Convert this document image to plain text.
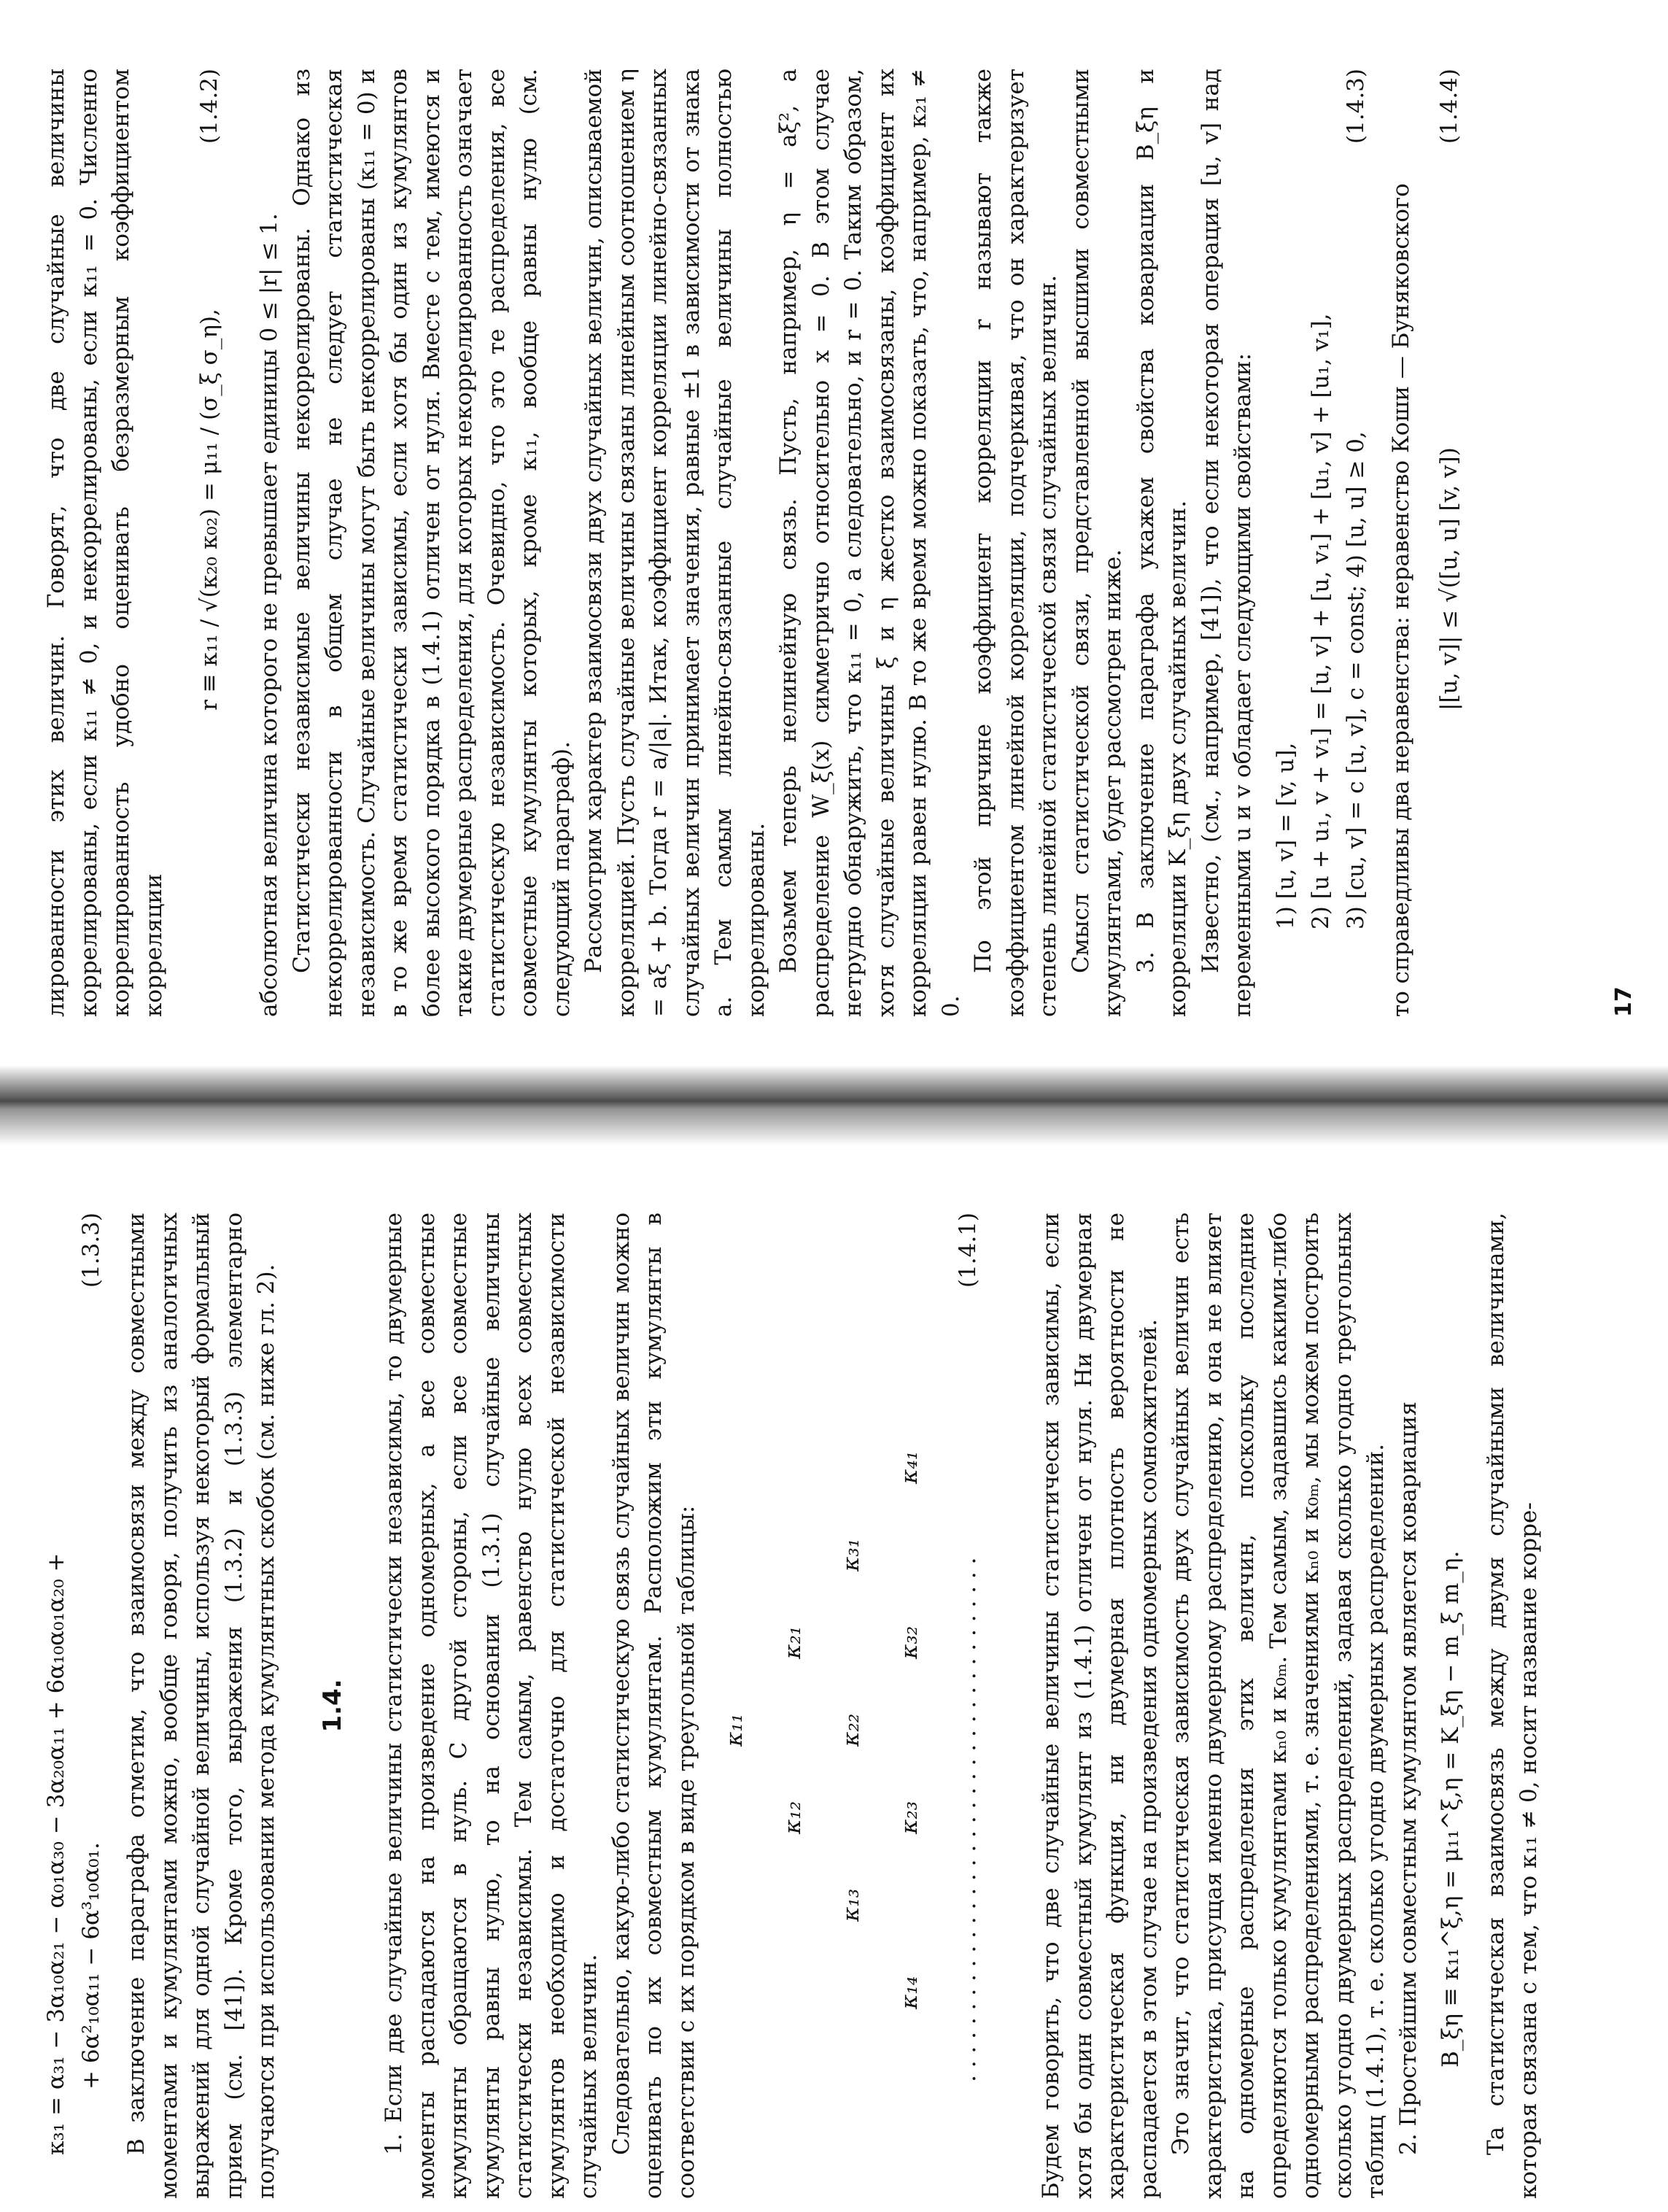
κ₃₁ = α₃₁ − 3α₁₀α₂₁ − α₀₁α₃₀ − 3α₂₀α₁₁ + 6α₁₀α₀₁α₂₀ + + 6α²₁₀α₁₁ − 6α³₁₀α₀₁.
(1.3.3) В заключение параграфа отметим, что взаимосвязи между совместными моментами и кумулянтами можно, вообще говоря, получить из аналогичных выражений для одной случайной величины, используя некоторый формальный прием (см. [41]). Кроме того, выражения (1.3.2) и (1.3.3) элементарно получаются при использовании метода кумулянтных скобок (см. ниже гл. 2). 1.4. 1. Если две случайные величины статистически независимы, то двумерные моменты распадаются на произведение одномерных, а все совместные кумулянты обращаются в нуль. С другой стороны, если все совместные кумулянты равны нулю, то на основании (1.3.1) случайные величины статистически независимы. Тем самым, равенство нулю всех совместных кумулянтов необходимо и достаточно для статистической независимости случайных величин. Следовательно, какую-либо статистическую связь случайных величин можно оценивать по их совместным кумулянтам. Расположим эти кумулянты в соответствии с их порядком в виде треугольной таблицы: κ₁₁
κ₁₂
κ₂₁
κ₁₃
κ₂₂
κ₃₁
κ₁₄
κ₂₃
κ₃₂
κ₄₁
. . . . . . . . . . . . . . . . . . . . . . . . . . . . . . . . . . . . .
(1.4.1)	Будем говорить, что две случайные величины статистически зависимы, если хотя бы один совместный кумулянт из (1.4.1) отличен от нуля. Ни двумерная характеристическая функция, ни двумерная плотность вероятности не распадается в этом случае на произведения одномерных сомножителей. Это значит, что статистическая зависимость двух случайных величин есть характеристика, присущая именно двумерному распределению, и она не влияет на одномерные распределения этих величин, поскольку последние определяются только кумулянтами κₙ₀ и κ₀ₘ. Тем самым, задавшись какими-либо одномерными распределениями, т. е. значениями κₙ₀ и κ₀ₘ, мы можем построить сколько угодно двумерных распределений, задавая сколько угодно треугольных таблиц (1.4.1), т. е. сколько угодно двумерных распределений. 2. Простейшим совместным кумулянтом является ковариация B_ξη ≡ κ₁₁^ξ,η = μ₁₁^ξ,η = K_ξη − m_ξ m_η. Та статистическая взаимосвязь между двумя случайными величинами, которая связана с тем, что κ₁₁ ≠ 0, носит название корре-

лированности этих величин. Говорят, что две случайные величины коррелированы, если κ₁₁ ≠ 0, и некоррелированы, если κ₁₁ = 0. Численно коррелированность удобно оценивать безразмерным коэффициентом корреляции

r ≡ κ₁₁ / √(κ₂₀ κ₀₂) = μ₁₁ / (σ_ξ σ_η),
(1.4.2)

абсолютная величина которого не превышает единицы 0 ≤ |r| ≤ 1. Статистически независимые величины некоррелированы. Однако из некоррелированности в общем случае не следует статистическая независимость. Случайные величины могут быть некоррелированы (κ₁₁ = 0) и в то же время статистически зависимы, если хотя бы один из кумулянтов более высокого порядка в (1.4.1) отличен от нуля. Вместе с тем, имеются и такие двумерные распределения, для которых некоррелированность означает статистическую независимость. Очевидно, что это те распределения, все совместные кумулянты которых, кроме κ₁₁, вообще равны нулю (см. следующий параграф). Рассмотрим характер взаимосвязи двух случайных величин, описываемой корреляцией. Пусть случайные величины связаны линейным соотношением η = aξ + b. Тогда r = a/|a|. Итак, коэффициент корреляции линейно-связанных случайных величин принимает значения, равные ±1 в зависимости от знака a. Тем самым линейно-связанные случайные величины полностью коррелированы. Возьмем теперь нелинейную связь. Пусть, например, η = aξ², а распределение W_ξ(x) симметрично относительно x = 0. В этом случае нетрудно обнаружить, что κ₁₁ = 0, а следовательно, и r = 0. Таким образом, хотя случайные величины ξ и η жестко взаимосвязаны, коэффициент их корреляции равен нулю. В то же время можно показать, что, например, κ₂₁ ≠ 0.

По этой причине коэффициент корреляции r называют также коэффициентом линейной корреляции, подчеркивая, что он характеризует степень линейной статистической связи случайных величин. Смысл статистической связи, представленной высшими совместными кумулянтами, будет рассмотрен ниже. 3. В заключение параграфа укажем свойства ковариации B_ξη и корреляции K_ξη двух случайных величин. Известно, (см., например, [41]), что если некоторая операция [u, v] над переменными u и v обладает следующими свойствами: 1) [u, v] = [v, u], 2) [u + u₁, v + v₁] = [u, v] + [u, v₁] + [u₁, v] + [u₁, v₁], 3) [cu, v] = c [u, v], c = const; 4) [u, u] ≥ 0,
(1.4.3)

то справедливы два неравенства: неравенство Коши — Буняковского |[u, v]| ≤ √([u, u] [v, v])
(1.4.4)
17
